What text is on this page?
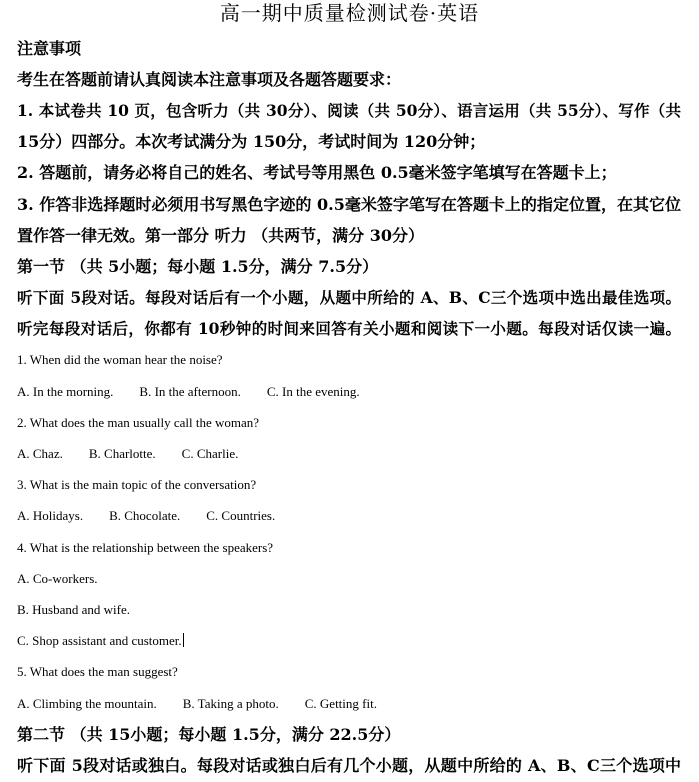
高一期中质量检测试卷·英语
注意事项
考生在答题前请认真阅读本注意事项及各题答题要求：
1. 本试卷共 10 页，包含听力（共 30分）、阅读（共 50分）、语言运用（共 55分）、写作（共
15分）四部分。本次考试满分为 150分，考试时间为 120分钟；
2. 答题前，请务必将自己的姓名、考试号等用黑色 0.5毫米签字笔填写在答题卡上；
3. 作答非选择题时必须用书写黑色字迹的 0.5毫米签字笔写在答题卡上的指定位置，在其它位
置作答一律无效。第一部分 听力 （共两节，满分 30分）
第一节 （共 5小题；每小题 1.5分，满分 7.5分）
听下面 5段对话。每段对话后有一个小题，从题中所给的 A、B、C三个选项中选出最佳选项。
听完每段对话后，你都有 10秒钟的时间来回答有关小题和阅读下一小题。每段对话仅读一遍。
1. When did the woman hear the noise?
A. In the morning. B. In the afternoon. C. In the evening.
2. What does the man usually call the woman?
A. Chaz. B. Charlotte. C. Charlie.
3. What is the main topic of the conversation?
A. Holidays. B. Chocolate. C. Countries.
4. What is the relationship between the speakers?
A. Co-workers.
B. Husband and wife.
C. Shop assistant and customer.
5. What does the man suggest?
A. Climbing the mountain. B. Taking a photo. C. Getting fit.
第二节 （共 15小题；每小题 1.5分，满分 22.5分）
听下面 5段对话或独白。每段对话或独白后有几个小题，从题中所给的 A、B、C三个选项中
